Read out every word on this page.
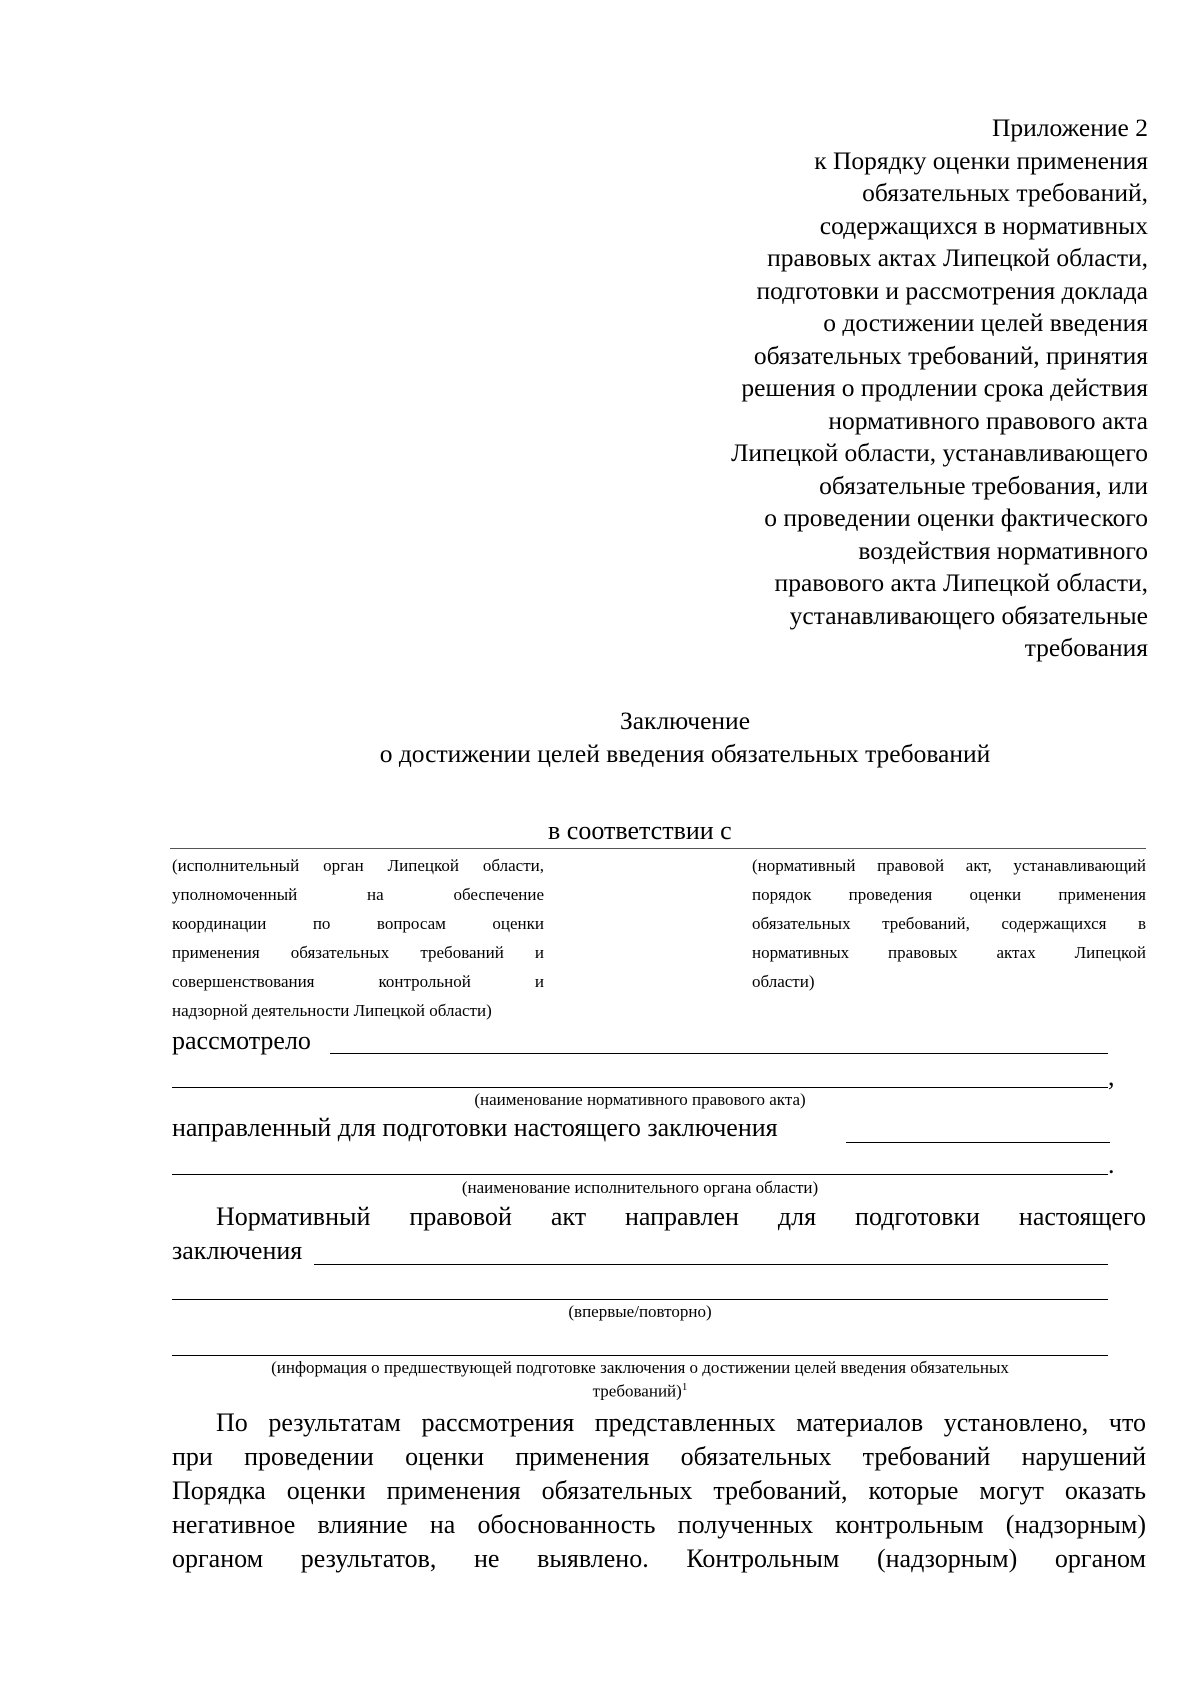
Приложение 2
к Порядку оценки применения
обязательных требований,
содержащихся в нормативных
правовых актах Липецкой области,
подготовки и рассмотрения доклада
о достижении целей введения
обязательных требований, принятия
решения о продлении срока действия
нормативного правового акта
Липецкой области, устанавливающего
обязательные требования, или
о проведении оценки фактического
воздействия нормативного
правового акта Липецкой области,
устанавливающего обязательные
требования
Заключение
о достижении целей введения обязательных требований
в соответствии с
(исполнительный орган Липецкой области,
уполномоченный на обеспечение
координации по вопросам оценки
применения обязательных требований и
совершенствования контрольной и
надзорной деятельности Липецкой области)
(нормативный правовой акт, устанавливающий
порядок проведения оценки применения
обязательных требований, содержащихся в
нормативных правовых актах Липецкой
области)
рассмотрело
,
(наименование нормативного правового акта)
направленный для подготовки настоящего заключения
.
(наименование исполнительного органа области)
Нормативный правовой акт направлен для подготовки настоящего
заключения
(впервые/повторно)
(информация о предшествующей подготовке заключения о достижении целей введения обязательных
требований)$^1$
По результатам рассмотрения представленных материалов установлено, что
при проведении оценки применения обязательных требований нарушений
Порядка оценки применения обязательных требований, которые могут оказать
негативное влияние на обоснованность полученных контрольным (надзорным)
органом результатов, не выявлено. Контрольным (надзорным) органом
